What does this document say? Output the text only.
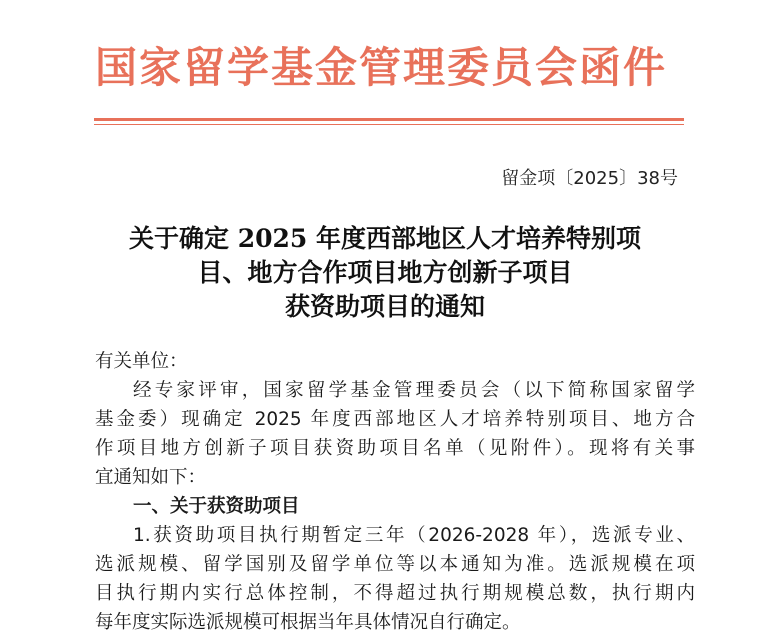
国家留学基金管理委员会函件
留金项〔2025〕38号
关于确定 2025 年度西部地区人才培养特别项
目、地方合作项目地方创新子项目
获资助项目的通知
有关单位：
经专家评审，国家留学基金管理委员会（以下简称国家留学
基金委）现确定 2025 年度西部地区人才培养特别项目、地方合
作项目地方创新子项目获资助项目名单（见附件）。现将有关事
宜通知如下：
一、关于获资助项目
1.获资助项目执行期暂定三年（2026-2028 年），选派专业、
选派规模、留学国别及留学单位等以本通知为准。选派规模在项
目执行期内实行总体控制，不得超过执行期规模总数，执行期内
每年度实际选派规模可根据当年具体情况自行确定。
